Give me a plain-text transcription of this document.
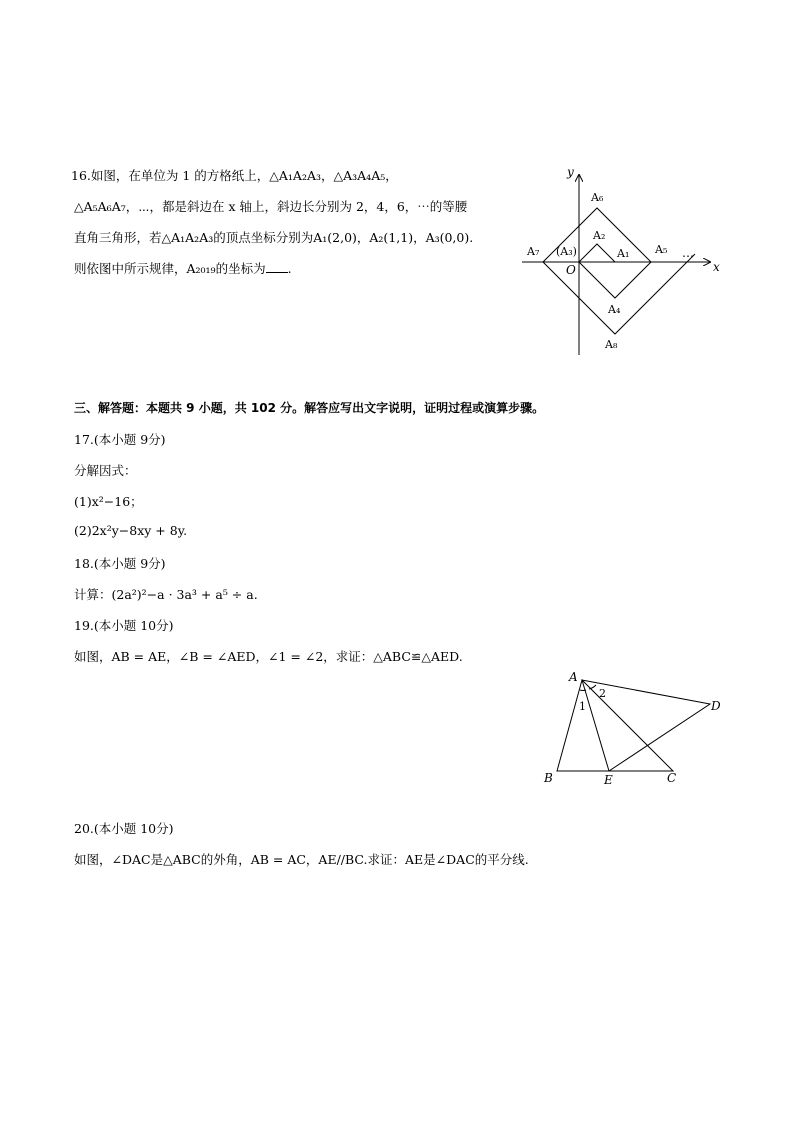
16.如图，在单位为 1 的方格纸上，△A₁A₂A₃，△A₃A₄A₅，
△A₅A₆A₇，⋯，都是斜边在 x 轴上，斜边长分别为 2，4，6，⋯的等腰
直角三角形，若△A₁A₂A₃的顶点坐标分别为A₁(2,0)，A₂(1,1)，A₃(0,0).
则依图中所示规律，A₂₀₁₉的坐标为 .
y
x
O
A₆
A₂
A₁ A₅
A₇ (A₃)
A₄
A₈
…
三、解答题：本题共 9 小题，共 102 分。解答应写出文字说明，证明过程或演算步骤。
17.(本小题 9分)
分解因式：
(1)x²−16；
(2)2x²y−8xy + 8y.
18.(本小题 9分)
计算：(2a²)²−a · 3a³ + a⁵ ÷ a.
19.(本小题 10分)
如图，AB = AE，∠B = ∠AED，∠1 = ∠2，求证：△ABC≌△AED.
A
B	C
D
E
1
2
20.(本小题 10分)
如图，∠DAC是△ABC的外角，AB = AC，AE//BC.求证：AE是∠DAC的平分线.
